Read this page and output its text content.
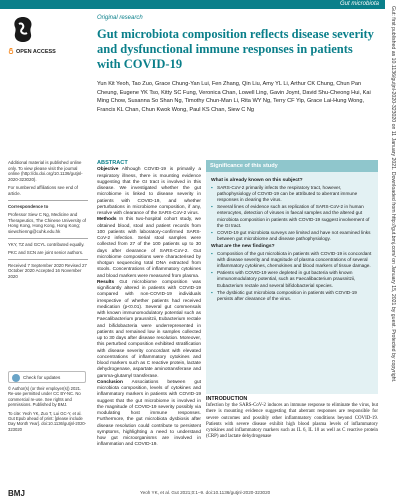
Gut microbiota
Gut: first published as 10.1136/gutjnl-2020-323020 on 11 January 2021. Downloaded from http://gut.bmj.com/ on January 15, 2021 by guest. Protected by copyright.
OPEN ACCESS
Original research
Gut microbiota composition reflects disease severity and dysfunctional immune responses in patients with COVID-19
Yun Kit Yeoh, Tao Zuo, Grace Chung-Yan Lui, Fen Zhang, Qin Liu, Amy YL Li, Arthur CK Chung, Chun Pan Cheung, Eugene YK Tso, Kitty SC Fung, Veronica Chan, Lowell Ling, Gavin Joynt, David Shu-Cheong Hui, Kai Ming Chow, Susanna So Shan Ng, Timothy Chun-Man Li, Rita WY Ng, Terry CF Yip, Grace Lai-Hung Wong, Francis KL Chan, Chun Kwok Wong, Paul KS Chan, Siew C Ng

Additional material is published online only. To view please visit the journal online (http://dx.doi.org/10.1136/gutjnl-2020-323020).

For numbered affiliations see end of article.

Correspondence to

Professor Siew C Ng, Medicine and Therapeutics, The Chinese University of Hong Kong, Hong Kong, Hong Kong; siewchienng@cuhk.edu.hk

YKY, TZ and GCYL contributed equally.

PKC and SCN are joint senior authors.

Received 7 September 2020 Revised 27 October 2020 Accepted 16 November 2020

Check for updates

© Author(s) (or their employer(s)) 2021. Re-use permitted under CC BY-NC. No commercial re-use. See rights and permissions. Published by BMJ.

To cite: Yeoh YK, Zuo T, Lui GC-Y, et al. Gut Epub ahead of print: [please include Day Month Year]. doi:10.1136/gutjnl-2020-323020

ABSTRACT

Objective Although COVID-19 is primarily a respiratory illness, there is mounting evidence suggesting that the GI tract is involved in this disease. We investigated whether the gut microbiome is linked to disease severity in patients with COVID-19, and whether perturbations in microbiome composition, if any, resolve with clearance of the SARS-CoV-2 virus.

Methods In this two-hospital cohort study, we obtained blood, stool and patient records from 100 patients with laboratory-confirmed SARS-CoV-2 infection. Serial stool samples were collected from 27 of the 100 patients up to 30 days after clearance of SARS-CoV-2. Gut microbiome compositions were characterised by shotgun sequencing total DNA extracted from stools. Concentrations of inflammatory cytokines and blood markers were measured from plasma.

Results Gut microbiome composition was significantly altered in patients with COVID-19 compared with non-COVID-19 individuals irrespective of whether patients had received medication (p<0.01). Several gut commensals with known immunomodulatory potential such as Faecalibacterium prausnitzii, Eubacterium rectale and bifidobacteria were underrepresented in patients and remained low in samples collected up to 30 days after disease resolution. Moreover, this perturbed composition exhibited stratification with disease severity concordant with elevated concentrations of inflammatory cytokines and blood markers such as C reactive protein, lactate dehydrogenase, aspartate aminotransferase and gamma-glutamyl transferase.

Conclusion Associations between gut microbiota composition, levels of cytokines and inflammatory markers in patients with COVID-19 suggest that the gut microbiome is involved in the magnitude of COVID-19 severity possibly via modulating host immune responses. Furthermore, the gut microbiota dysbiosis after disease resolution could contribute to persistent symptoms, highlighting a need to understand how gut microorganisms are involved in inflammation and COVID-19.

Significance of this study
What is already known on this subject?
▪ SARS-CoV-2 primarily infects the respiratory tract, however, pathophysiology of COVID-19 can be attributed to aberrant immune responses in clearing the virus.
▪ Several lines of evidence such as replication of SARS-CoV-2 in human enterocytes, detection of viruses in faecal samples and the altered gut microbiota composition in patients with COVID-19 suggest involvement of the GI tract.
▪ COVID-19 gut microbiota surveys are limited and have not examined links between gut microbiome and disease pathophysiology.
What are the new findings?
▪ Composition of the gut microbiota in patients with COVID-19 is concordant with disease severity and magnitude of plasma concentrations of several inflammatory cytokines, chemokines and blood markers of tissue damage.
▪ Patients with COVID-19 were depleted in gut bacteria with known immunomodulatory potential, such as Faecalibacterium prausnitzii, Eubacterium rectale and several bifidobacterial species.
▪ The dysbiotic gut microbiota composition in patients with COVID-19 persists after clearance of the virus.
INTRODUCTION

Infection by the SARS-CoV-2 induces an immune response to eliminate the virus, but there is mounting evidence suggesting that aberrant responses are responsible for severe outcomes and possibly other inflammatory conditions beyond COVID-19. Patients with severe disease exhibit high blood plasma levels of inflammatory cytokines and inflammatory markers such as IL 6, IL 10 as well as C reactive protein (CRP) and lactate dehydrogenase

BMJ	Yeoh YK, et al. Gut 2021;0:1–9. doi:10.1136/gutjnl-2020-323020
